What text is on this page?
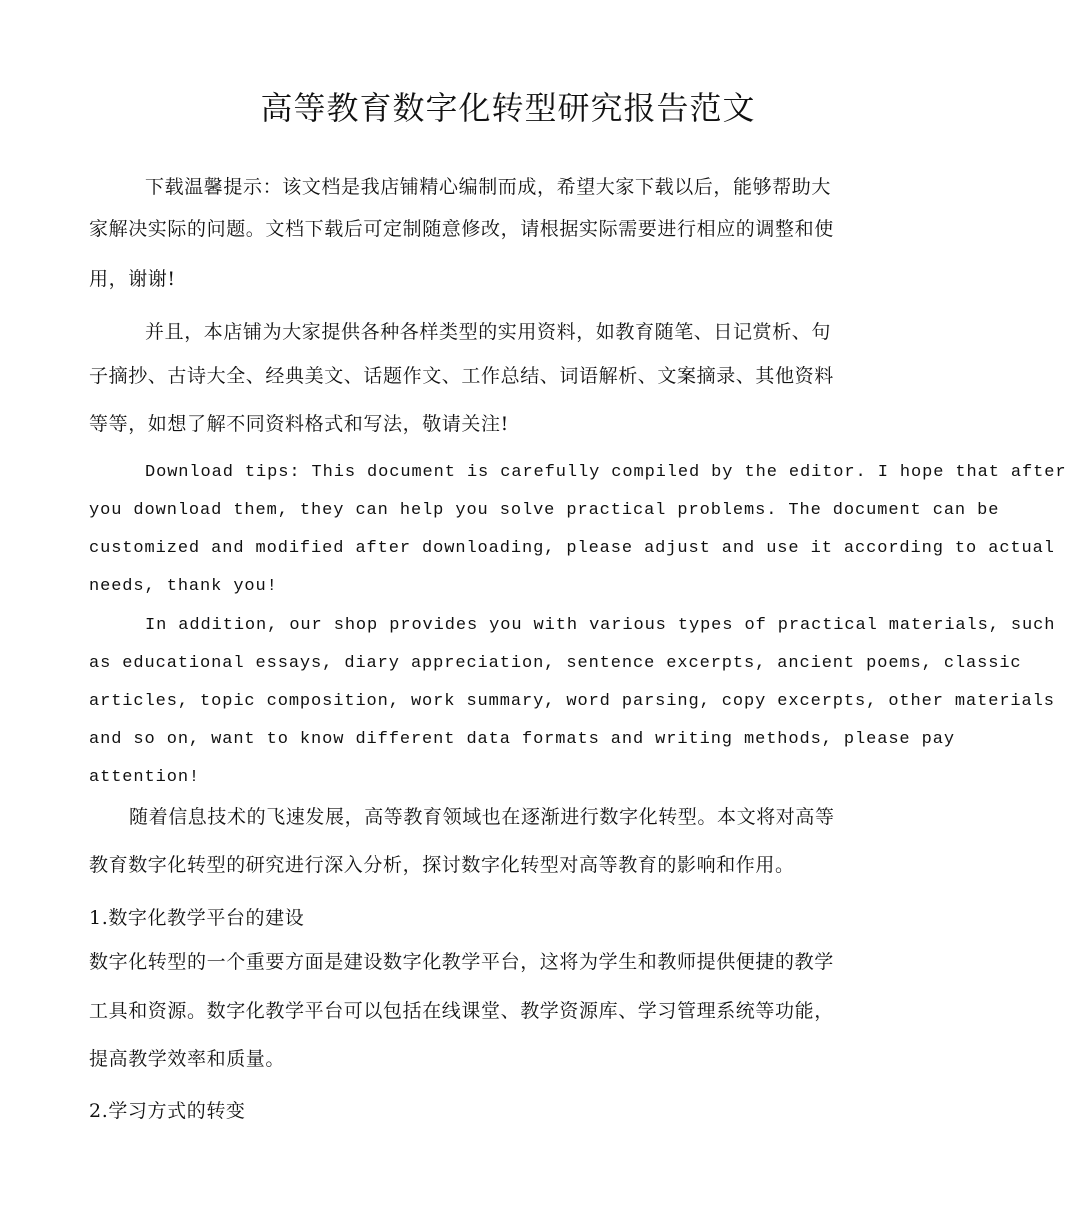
高等教育数字化转型研究报告范文
下载温馨提示：该文档是我店铺精心编制而成，希望大家下载以后，能够帮助大
家解决实际的问题。文档下载后可定制随意修改，请根据实际需要进行相应的调整和使
用，谢谢!
并且，本店铺为大家提供各种各样类型的实用资料，如教育随笔、日记赏析、句
子摘抄、古诗大全、经典美文、话题作文、工作总结、词语解析、文案摘录、其他资料
等等，如想了解不同资料格式和写法，敬请关注!
Download tips: This document is carefully compiled by the editor. I hope that after
you download them, they can help you solve practical problems. The document can be
customized and modified after downloading, please adjust and use it according to actual
needs, thank you!
In addition, our shop provides you with various types of practical materials, such
as educational essays, diary appreciation, sentence excerpts, ancient poems, classic
articles, topic composition, work summary, word parsing, copy excerpts, other materials
and so on, want to know different data formats and writing methods, please pay
attention!
随着信息技术的飞速发展，高等教育领域也在逐渐进行数字化转型。本文将对高等
教育数字化转型的研究进行深入分析，探讨数字化转型对高等教育的影响和作用。
1.数字化教学平台的建设
数字化转型的一个重要方面是建设数字化教学平台，这将为学生和教师提供便捷的教学
工具和资源。数字化教学平台可以包括在线课堂、教学资源库、学习管理系统等功能，
提高教学效率和质量。
2.学习方式的转变
